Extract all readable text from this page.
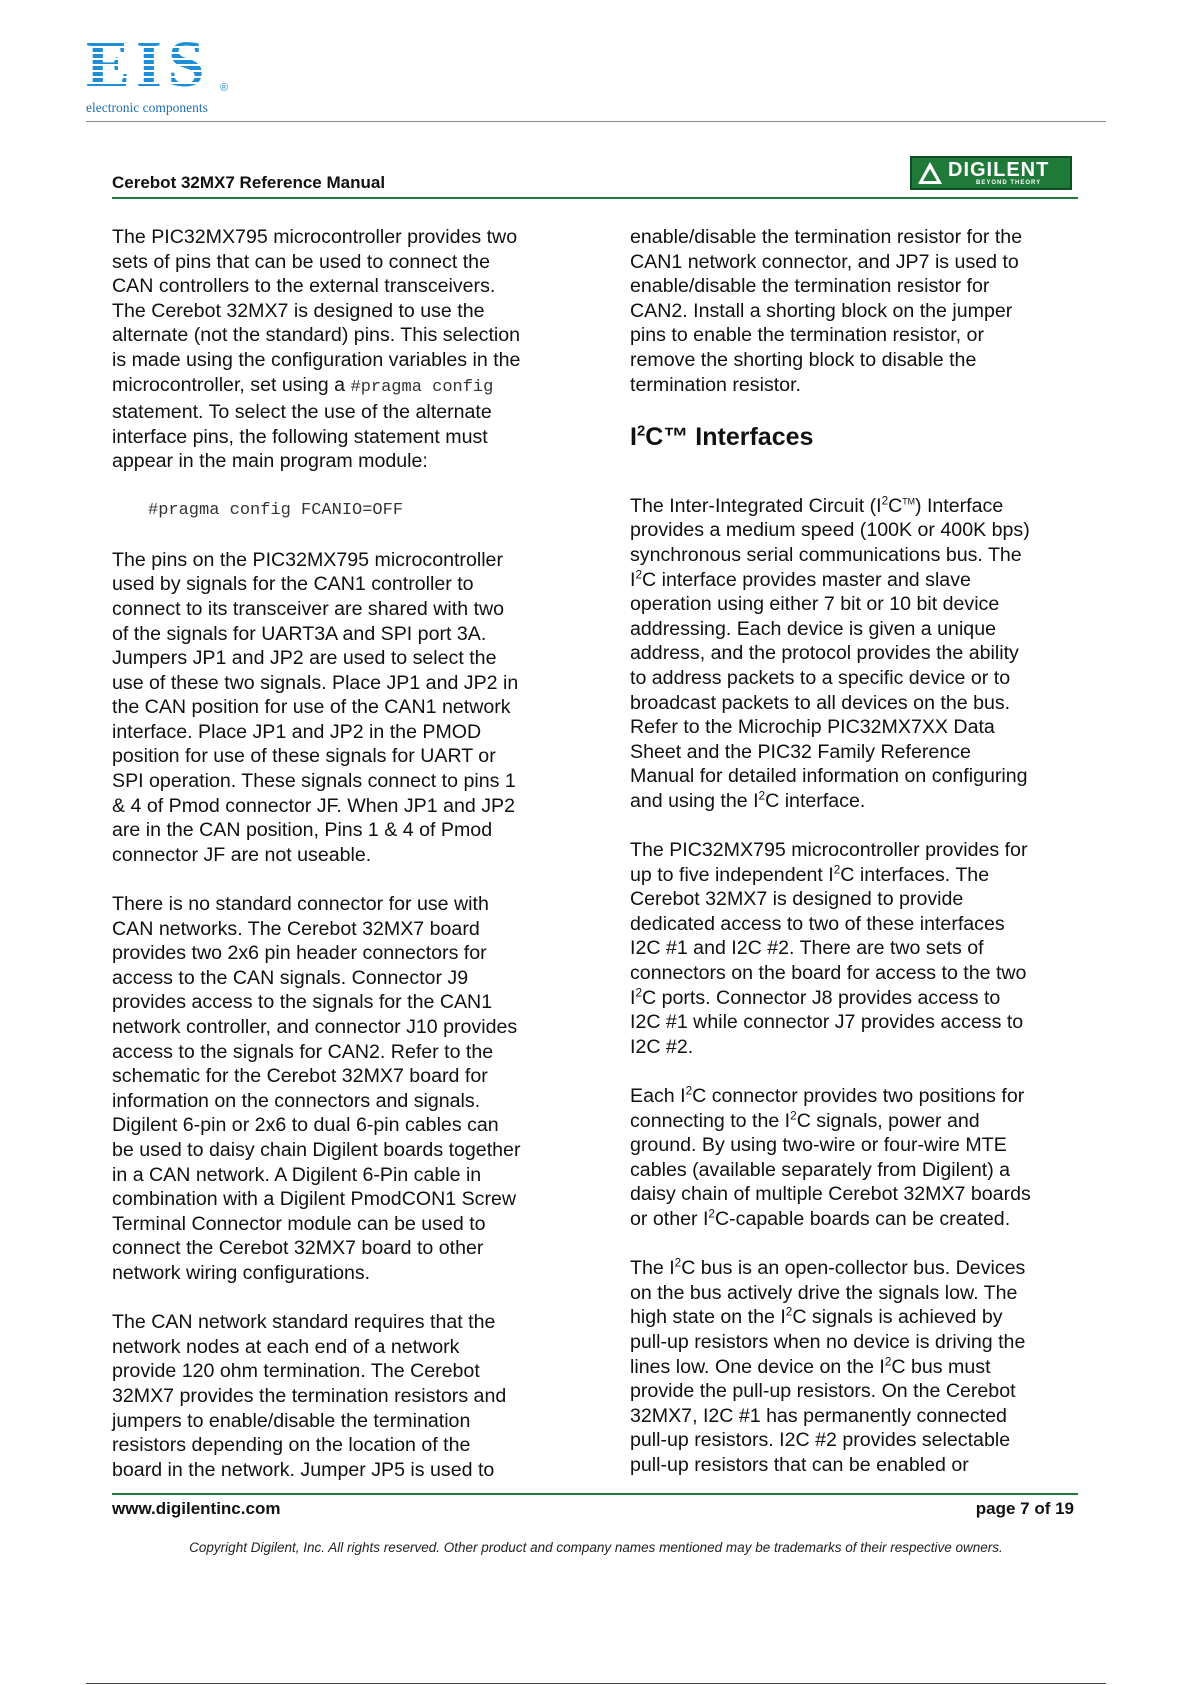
EIS ®
electronic components
Cerebot 32MX7 Reference Manual
DIGILENT
BEYOND THEORY

The PIC32MX795 microcontroller provides two
sets of pins that can be used to connect the
CAN controllers to the external transceivers.
The Cerebot 32MX7 is designed to use the
alternate (not the standard) pins. This selection
is made using the configuration variables in the
microcontroller, set using a #pragma config
statement. To select the use of the alternate
interface pins, the following statement must
appear in the main program module:

#pragma config FCANIO=OFF

The pins on the PIC32MX795 microcontroller
used by signals for the CAN1 controller to
connect to its transceiver are shared with two
of the signals for UART3A and SPI port 3A.
Jumpers JP1 and JP2 are used to select the
use of these two signals. Place JP1 and JP2 in
the CAN position for use of the CAN1 network
interface. Place JP1 and JP2 in the PMOD
position for use of these signals for UART or
SPI operation. These signals connect to pins 1
& 4 of Pmod connector JF. When JP1 and JP2
are in the CAN position, Pins 1 & 4 of Pmod
connector JF are not useable.

There is no standard connector for use with
CAN networks. The Cerebot 32MX7 board
provides two 2x6 pin header connectors for
access to the CAN signals. Connector J9
provides access to the signals for the CAN1
network controller, and connector J10 provides
access to the signals for CAN2. Refer to the
schematic for the Cerebot 32MX7 board for
information on the connectors and signals.
Digilent 6-pin or 2x6 to dual 6-pin cables can
be used to daisy chain Digilent boards together
in a CAN network. A Digilent 6-Pin cable in
combination with a Digilent PmodCON1 Screw
Terminal Connector module can be used to
connect the Cerebot 32MX7 board to other
network wiring configurations.

The CAN network standard requires that the
network nodes at each end of a network
provide 120 ohm termination. The Cerebot
32MX7 provides the termination resistors and
jumpers to enable/disable the termination
resistors depending on the location of the
board in the network. Jumper JP5 is used to

enable/disable the termination resistor for the
CAN1 network connector, and JP7 is used to
enable/disable the termination resistor for
CAN2. Install a shorting block on the jumper
pins to enable the termination resistor, or
remove the shorting block to disable the
termination resistor.

$I^2C™$ Interfaces

The Inter-Integrated Circuit $(I^2C™)$ Interface
provides a medium speed (100K or 400K bps)
synchronous serial communications bus. The
$I^2C$ interface provides master and slave
operation using either 7 bit or 10 bit device
addressing. Each device is given a unique
address, and the protocol provides the ability
to address packets to a specific device or to
broadcast packets to all devices on the bus.
Refer to the Microchip PIC32MX7XX Data
Sheet and the PIC32 Family Reference
Manual for detailed information on configuring
and using the $I^2C$ interface.

The PIC32MX795 microcontroller provides for
up to five independent $I^2C$ interfaces. The
Cerebot 32MX7 is designed to provide
dedicated access to two of these interfaces
I2C #1 and I2C #2. There are two sets of
connectors on the board for access to the two
$I^2C$ ports. Connector J8 provides access to
I2C #1 while connector J7 provides access to
I2C #2.

Each $I^2C$ connector provides two positions for
connecting to the $I^2C$ signals, power and
ground. By using two-wire or four-wire MTE
cables (available separately from Digilent) a
daisy chain of multiple Cerebot 32MX7 boards
or other $I^2C$-capable boards can be created.

The $I^2C$ bus is an open-collector bus. Devices
on the bus actively drive the signals low. The
high state on the $I^2C$ signals is achieved by
pull-up resistors when no device is driving the
lines low. One device on the $I^2C$ bus must
provide the pull-up resistors. On the Cerebot
32MX7, I2C #1 has permanently connected
pull-up resistors. I2C #2 provides selectable
pull-up resistors that can be enabled or

www.digilentinc.com	page 7 of 19
Copyright Digilent, Inc. All rights reserved. Other product and company names mentioned may be trademarks of their respective owners.
